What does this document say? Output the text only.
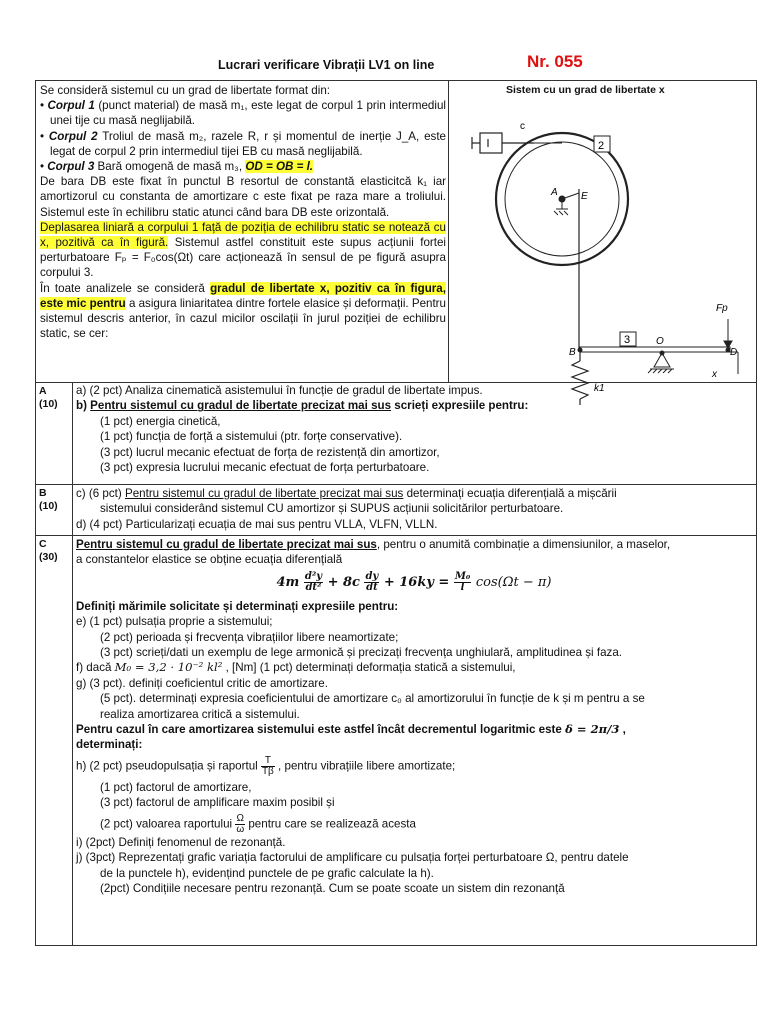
Lucrari verificare Vibrații LV1 on line	Nr. 055

Se consideră sistemul cu un grad de libertate format din:

• Corpul 1 (punct material) de masă m₁, este legat de corpul 1 prin intermediul unei tije cu masă neglijabilă.

• Corpul 2 Troliul de masă m₂, razele R, r și momentul de inerție J_A, este legat de corpul 2 prin intermediul tijei EB cu masă neglijabilă.

• Corpul 3 Bară omogenă de masă m₃, OD = OB = l.

De bara DB este fixat în punctul B resortul de constantă elasticitcă k₁ iar amortizorul cu constanta de amortizare c este fixat pe raza mare a troliului. Sistemul este în echilibru static atunci când bara DB este orizontală.

Deplasarea liniară a corpului 1 față de poziția de echilibru static se notează cu x, pozitivă ca în figură. Sistemul astfel constituit este supus acțiunii fortei perturbatoare Fₚ = F₀cos(Ωt) care acționează în sensul de pe figură asupra corpului 3.

În toate analizele se consideră gradul de libertate x, pozitiv ca în figura, este mic pentru a asigura liniaritatea dintre fortele elasice și deformații. Pentru sistemul descris anterior, în cazul micilor oscilații în jurul poziției de echilibru static, se cer:

Sistem cu un grad de libertate x
c
A E
2
3
B
O
D
Fp
k1
x
A
(10)
a) (2 pct) Analiza cinematică asistemului în funcție de gradul de libertate impus.
b) Pentru sistemul cu gradul de libertate precizat mai sus scrieți expresiile pentru:
(1 pct) energia cinetică,
(1 pct) funcția de forță a sistemului (ptr. forțe conservative).
(3 pct) lucrul mecanic efectuat de forța de rezistență din amortizor,
(3 pct) expresia lucrului mecanic efectuat de forța perturbatoare.
B
(10)
c) (6 pct) Pentru sistemul cu gradul de libertate precizat mai sus determinați ecuația diferențială a mișcării
sistemului considerând sistemul CU amortizor și SUPUS acțiunii solicitărilor perturbatoare.
d) (4 pct) Particularizați ecuația de mai sus pentru VLLA, VLFN, VLLN.
C
(30)
Pentru sistemul cu gradul de libertate precizat mai sus, pentru o anumită combinație a dimensiunilor, a maselor,
a constantelor elastice se obține ecuația diferențială
$4m \frac{\text{d²y}}{\text{dt²}} + 8c \frac{dy}{dt} + 16ky = \frac{\text{M₀}}{l} \cos(\Omega t - \pi)$
Definiți mărimile solicitate și determinați expresiile pentru:
e) (1 pct) pulsația proprie a sistemului;
(2 pct) perioada și frecvența vibrațiilor libere neamortizate;
(3 pct) scrieți/dati un exemplu de lege armonică și precizați frecvența unghiulară, amplitudinea și faza.
f) dacă M₀ = 3,2 · 10⁻² kl² , [Nm] (1 pct) determinați deformația statică a sistemului,
g) (3 pct). definiți coeficientul critic de amortizare.
(5 pct). determinați expresia coeficientului de amortizare c₀ al amortizorului în funcție de k și m pentru a se
realiza amortizarea critică a sistemului.
Pentru cazul în care amortizarea sistemului este astfel încât decrementul logaritmic este δ = 2π/3 ,
determinați:
h) (2 pct) pseudopulsația și raportul $\frac{T}{T\beta}$ , pentru vibrațiile libere amortizate;
(1 pct) factorul de amortizare,
(3 pct) factorul de amplificare maxim posibil și
(2 pct) valoarea raportului $\frac{\Omega}{\omega}$ pentru care se realizează acesta
i) (2pct) Definiți fenomenul de rezonanță.
j) (3pct) Reprezentați grafic variația factorului de amplificare cu pulsația forței perturbatoare Ω, pentru datele
de la punctele h), evidențind punctele de pe grafic calculate la h).
(2pct) Condițiile necesare pentru rezonanță. Cum se poate scoate un sistem din rezonanță
